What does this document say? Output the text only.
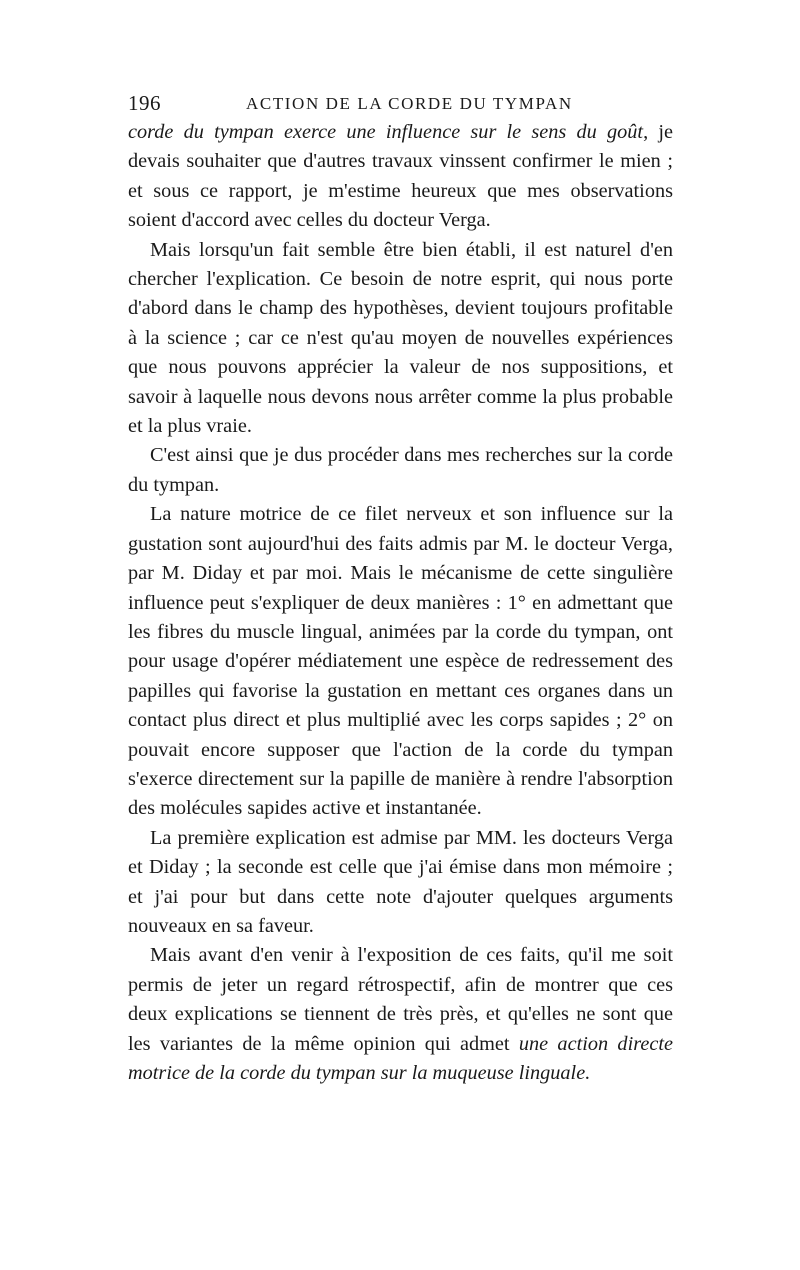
196	ACTION DE LA CORDE DU TYMPAN

corde du tympan exerce une influence sur le sens du goût, je devais souhaiter que d'autres travaux vinssent confirmer le mien ; et sous ce rapport, je m'estime heureux que mes observations soient d'accord avec celles du docteur Verga.

Mais lorsqu'un fait semble être bien établi, il est naturel d'en chercher l'explication. Ce besoin de notre esprit, qui nous porte d'abord dans le champ des hypothèses, devient toujours profitable à la science ; car ce n'est qu'au moyen de nouvelles expériences que nous pouvons apprécier la valeur de nos suppositions, et savoir à laquelle nous devons nous arrêter comme la plus probable et la plus vraie.

C'est ainsi que je dus procéder dans mes recherches sur la corde du tympan.

La nature motrice de ce filet nerveux et son influence sur la gustation sont aujourd'hui des faits admis par M. le docteur Verga, par M. Diday et par moi. Mais le mécanisme de cette singulière influence peut s'expliquer de deux manières : 1° en admettant que les fibres du muscle lingual, animées par la corde du tympan, ont pour usage d'opérer médiatement une espèce de redressement des papilles qui favorise la gustation en mettant ces organes dans un contact plus direct et plus multiplié avec les corps sapides ; 2° on pouvait encore supposer que l'action de la corde du tympan s'exerce directement sur la papille de manière à rendre l'absorption des molécules sapides active et instantanée.

La première explication est admise par MM. les docteurs Verga et Diday ; la seconde est celle que j'ai émise dans mon mémoire ; et j'ai pour but dans cette note d'ajouter quelques arguments nouveaux en sa faveur.

Mais avant d'en venir à l'exposition de ces faits, qu'il me soit permis de jeter un regard rétrospectif, afin de montrer que ces deux explications se tiennent de très près, et qu'elles ne sont que les variantes de la même opinion qui admet une action directe motrice de la corde du tympan sur la muqueuse linguale.
